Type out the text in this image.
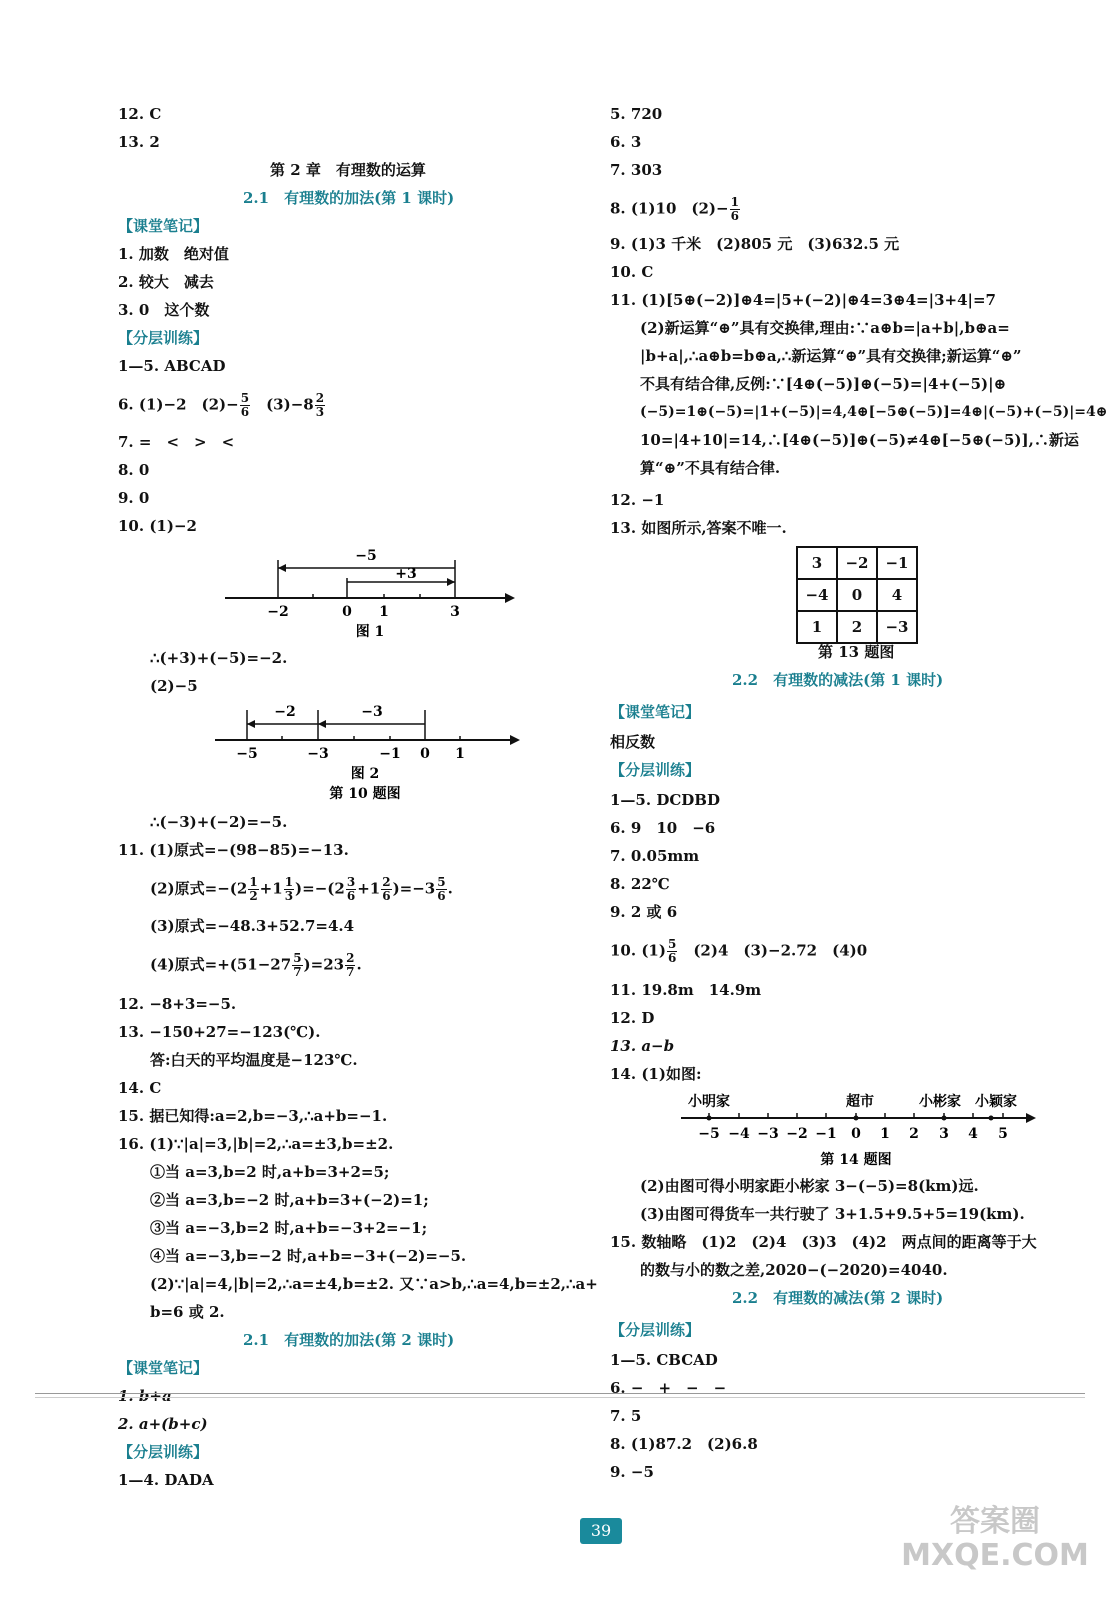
12. C
13. 2
第 2 章　有理数的运算
2.1　有理数的加法(第 1 课时)
【课堂笔记】
1. 加数　绝对值
2. 较大　减去
3. 0　这个数
【分层训练】
1—5. ABCAD
6. (1)−2　$(2)- \frac{5}{6}$ 　$(3)-8 \frac{2}{3}$
7. =　<　>　<
8. 0
9. 0
10. (1)−2
−5
+3
−2	0 1	3
图 1
∴(+3)+(−5)=−2.
(2)−5
−2	−3
−5	−3	−1 0 1
图 2
第 10 题图
∴(−3)+(−2)=−5.
11. (1)原式=−(98−85)=−13.
(2)原式$=-(2 \frac{1}{2} +1 \frac{1}{3} )=-(2 \frac{3}{6} +1 \frac{2}{6} )=-3 \frac{5}{6}$ .
(3)原式=−48.3+52.7=4.4
(4)原式$=+(51-27 \frac{5}{7} )=23 \frac{2}{7}$ .
12. −8+3=−5.
13. −150+27=−123(℃).
答:白天的平均温度是−123℃.
14. C
15. 据已知得:a=2,b=−3,∴a+b=−1.
16. (1)∵|a|=3,|b|=2,∴a=±3,b=±2.
①当 a=3,b=2 时,a+b=3+2=5;
②当 a=3,b=−2 时,a+b=3+(−2)=1;
③当 a=−3,b=2 时,a+b=−3+2=−1;
④当 a=−3,b=−2 时,a+b=−3+(−2)=−5.
(2)∵|a|=4,|b|=2,∴a=±4,b=±2. 又∵a>b,∴a=4,b=±2,∴a+
b=6 或 2.
2.1　有理数的加法(第 2 课时)
【课堂笔记】
1. b+a
2. a+(b+c)
【分层训练】
1—4. DADA
5. 720
6. 3
7. 303
8. (1)10　$(2)- \frac{1}{6}$
9. (1)3 千米　(2)805 元　(3)632.5 元
10. C
11. (1)[5⊕(−2)]⊕4=|5+(−2)|⊕4=3⊕4=|3+4|=7
(2)新运算“⊕”具有交换律,理由:∵a⊕b=|a+b|,b⊕a=
|b+a|,∴a⊕b=b⊕a,∴新运算“⊕”具有交换律;新运算“⊕”
不具有结合律,反例:∵[4⊕(−5)]⊕(−5)=|4+(−5)|⊕
(−5)=1⊕(−5)=|1+(−5)|=4,4⊕[−5⊕(−5)]=4⊕|(−5)+(−5)|=4⊕
10=|4+10|=14,∴[4⊕(−5)]⊕(−5)≠4⊕[−5⊕(−5)],∴新运
算“⊕”不具有结合律.
12. −1
13. 如图所示,答案不唯一.
3	−2	−1
−4	0	4
1	2	−3
第 13 题图
2.2　有理数的减法(第 1 课时)
【课堂笔记】
相反数
【分层训练】
1—5. DCDBD
6. 9　10　−6
7. 0.05mm
8. 22℃
9. 2 或 6
10. $(1) \frac{5}{6}$ 　(2)4　(3)−2.72　(4)0
11. 19.8m　14.9m
12. D
13. a−b
14. (1)如图:
小明家	超市	小彬家 小颖家
−5 −4 −3 −2 −1 0 1 2 3 4 5
第 14 题图
(2)由图可得小明家距小彬家 3−(−5)=8(km)远.
(3)由图可得货车一共行驶了 3+1.5+9.5+5=19(km).
15. 数轴略　(1)2　(2)4　(3)3　(4)2　两点间的距离等于大
的数与小的数之差,2020−(−2020)=4040.
2.2　有理数的减法(第 2 课时)
【分层训练】
1—5. CBCAD
6. −　+　−　−
7. 5
8. (1)87.2　(2)6.8
9. −5
39	答案圈 MXQE.COM
